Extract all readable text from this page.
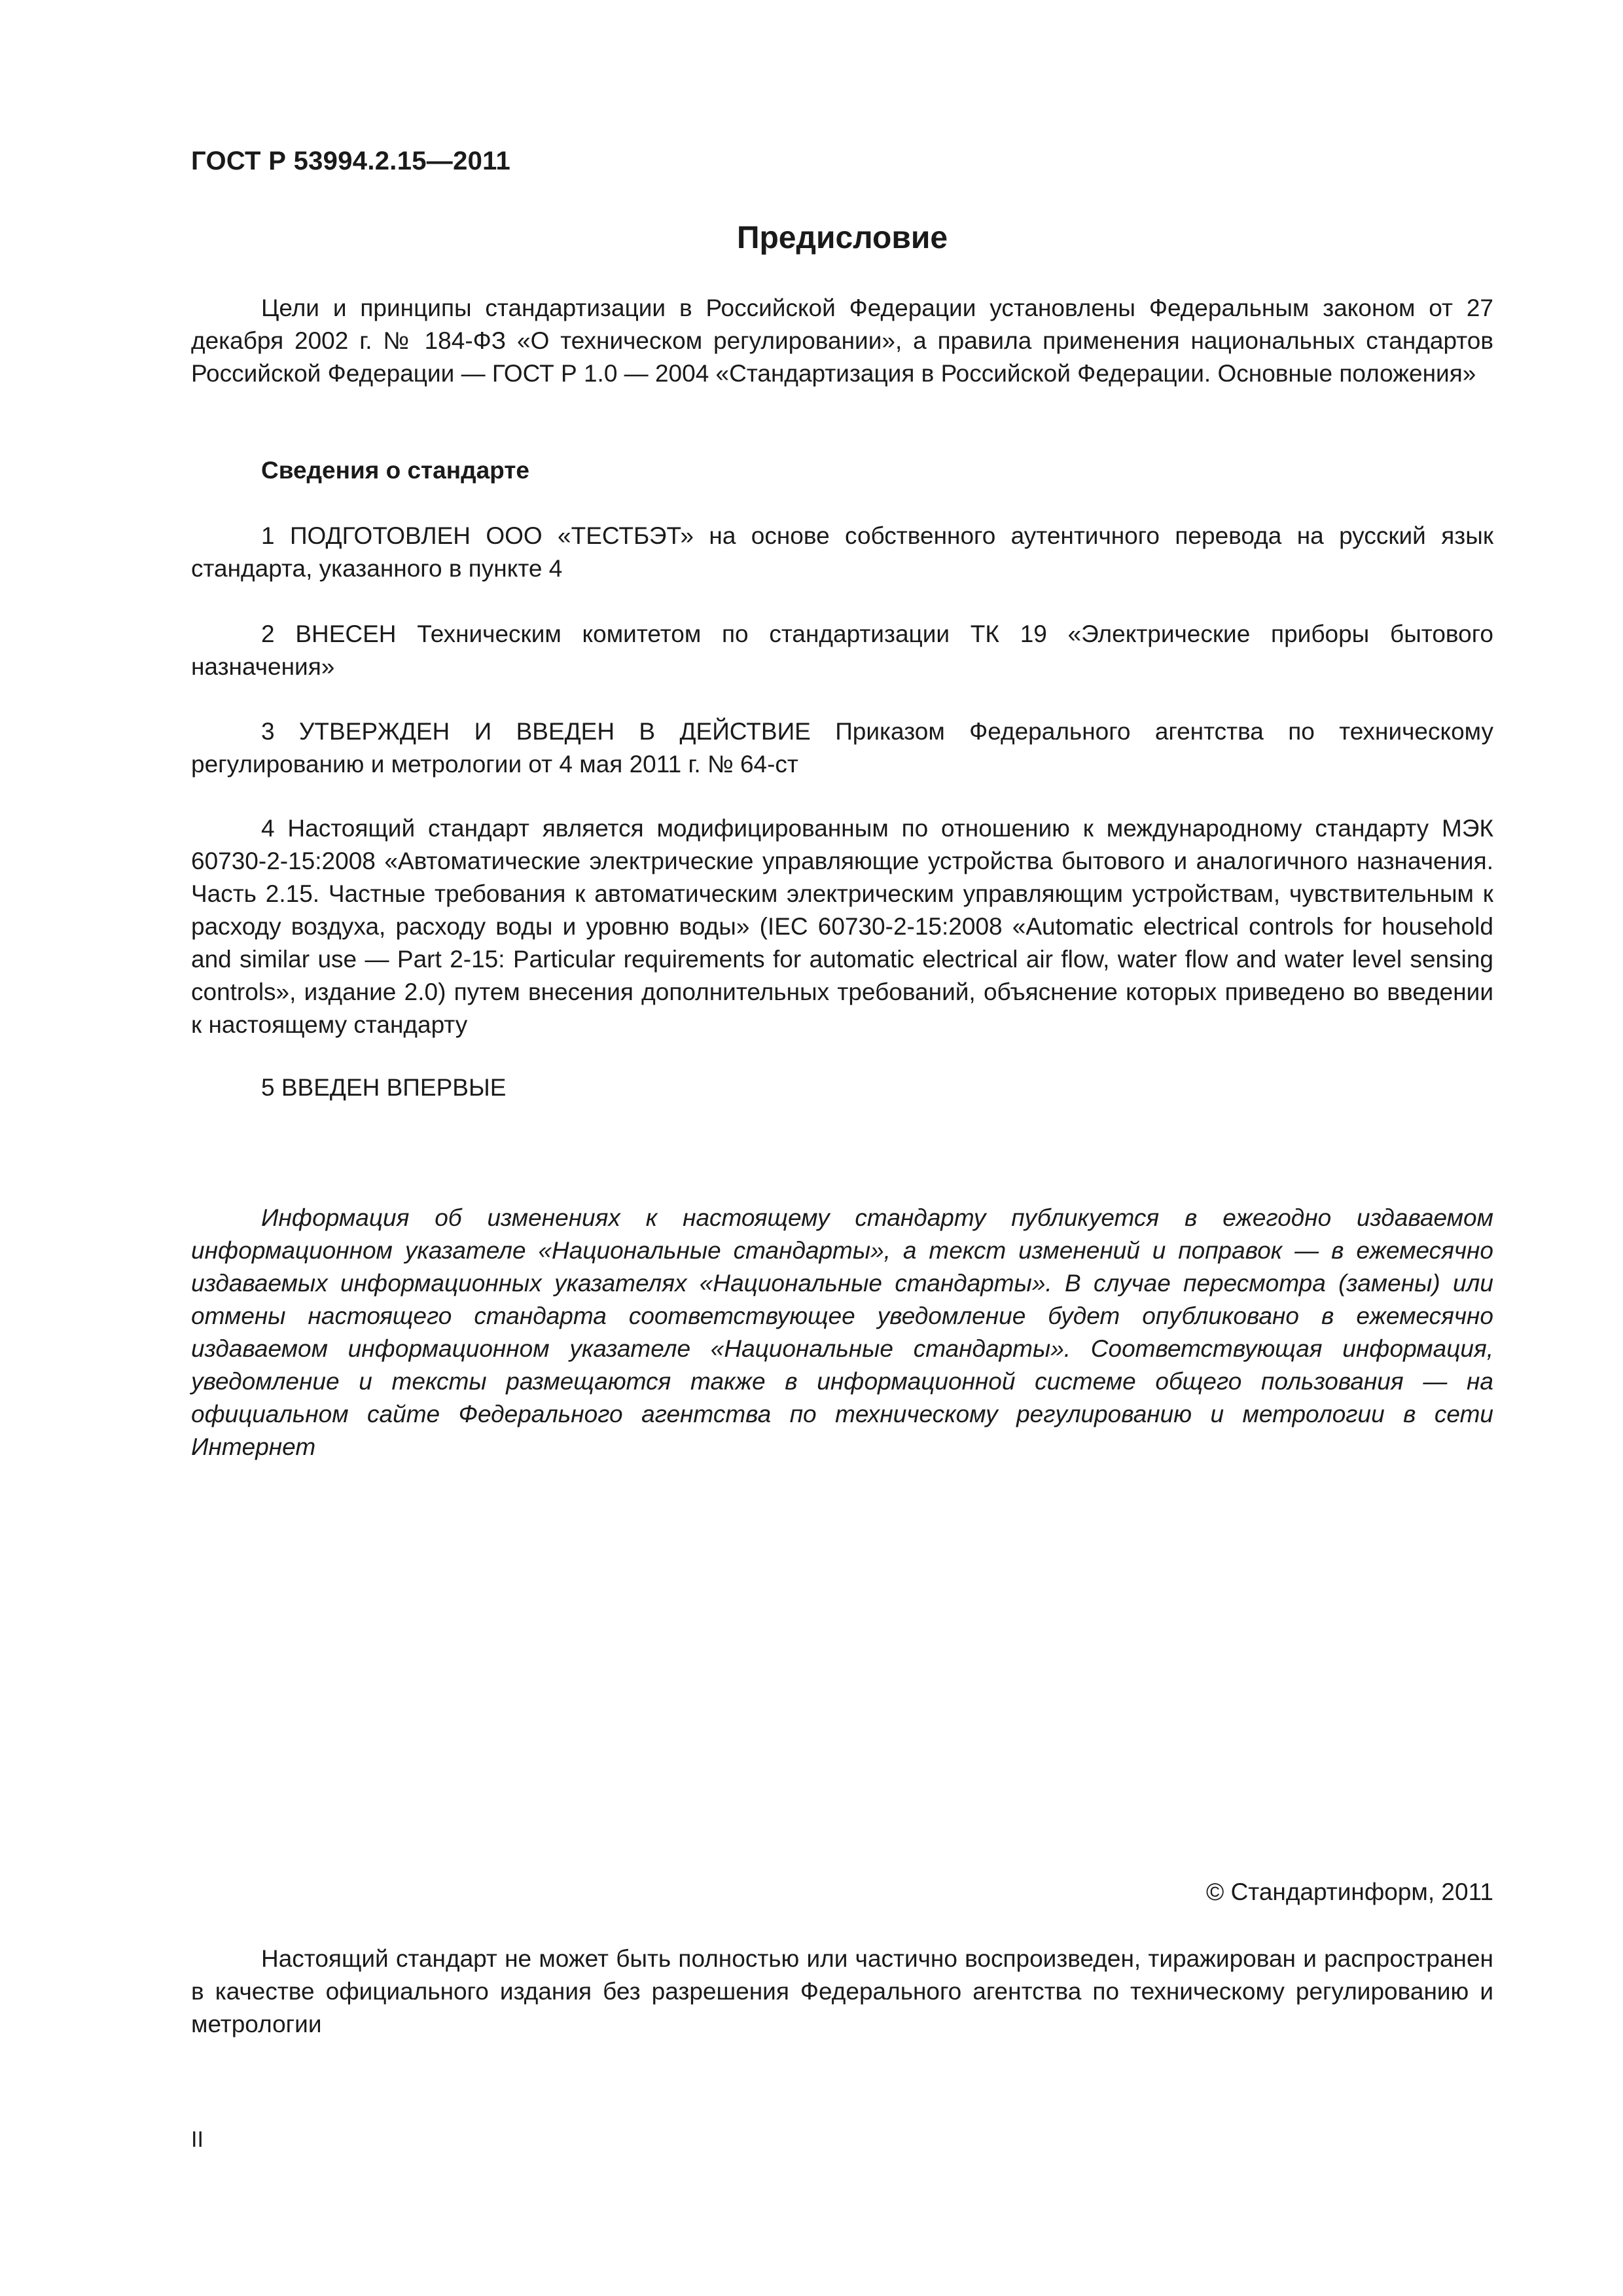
ГОСТ Р 53994.2.15—2011
Предисловие

Цели и принципы стандартизации в Российской Федерации установлены Федеральным законом от 27 декабря 2002 г. № 184-ФЗ «О техническом регулировании», а правила применения национальных стандартов Российской Федерации — ГОСТ Р 1.0 — 2004 «Стандартизация в Российской Федерации. Основные положения»

Сведения о стандарте

1 ПОДГОТОВЛЕН ООО «ТЕСТБЭТ» на основе собственного аутентичного перевода на русский язык стандарта, указанного в пункте 4

2 ВНЕСЕН Техническим комитетом по стандартизации ТК 19 «Электрические приборы бытового назначения»

3 УТВЕРЖДЕН И ВВЕДЕН В ДЕЙСТВИЕ Приказом Федерального агентства по техническому регулированию и метрологии от 4 мая 2011 г. № 64-ст

4 Настоящий стандарт является модифицированным по отношению к международному стандарту МЭК 60730-2-15:2008 «Автоматические электрические управляющие устройства бытового и аналогичного назначения. Часть 2.15. Частные требования к автоматическим электрическим управляющим устройствам, чувствительным к расходу воздуха, расходу воды и уровню воды» (IEC 60730-2-15:2008 «Automatic electrical controls for household and similar use — Part 2-15: Particular requirements for automatic electrical air flow, water flow and water level sensing controls», издание 2.0) путем внесения дополнительных требований, объяснение которых приведено во введении к настоящему стандарту

5 ВВЕДЕН ВПЕРВЫЕ

Информация об изменениях к настоящему стандарту публикуется в ежегодно издаваемом информационном указателе «Национальные стандарты», а текст изменений и поправок — в ежемесячно издаваемых информационных указателях «Национальные стандарты». В случае пересмотра (замены) или отмены настоящего стандарта соответствующее уведомление будет опубликовано в ежемесячно издаваемом информационном указателе «Национальные стандарты». Соответствующая информация, уведомление и тексты размещаются также в информационной системе общего пользования — на официальном сайте Федерального агентства по техническому регулированию и метрологии в сети Интернет

© Стандартинформ, 2011

Настоящий стандарт не может быть полностью или частично воспроизведен, тиражирован и распространен в качестве официального издания без разрешения Федерального агентства по техническому регулированию и метрологии

II
